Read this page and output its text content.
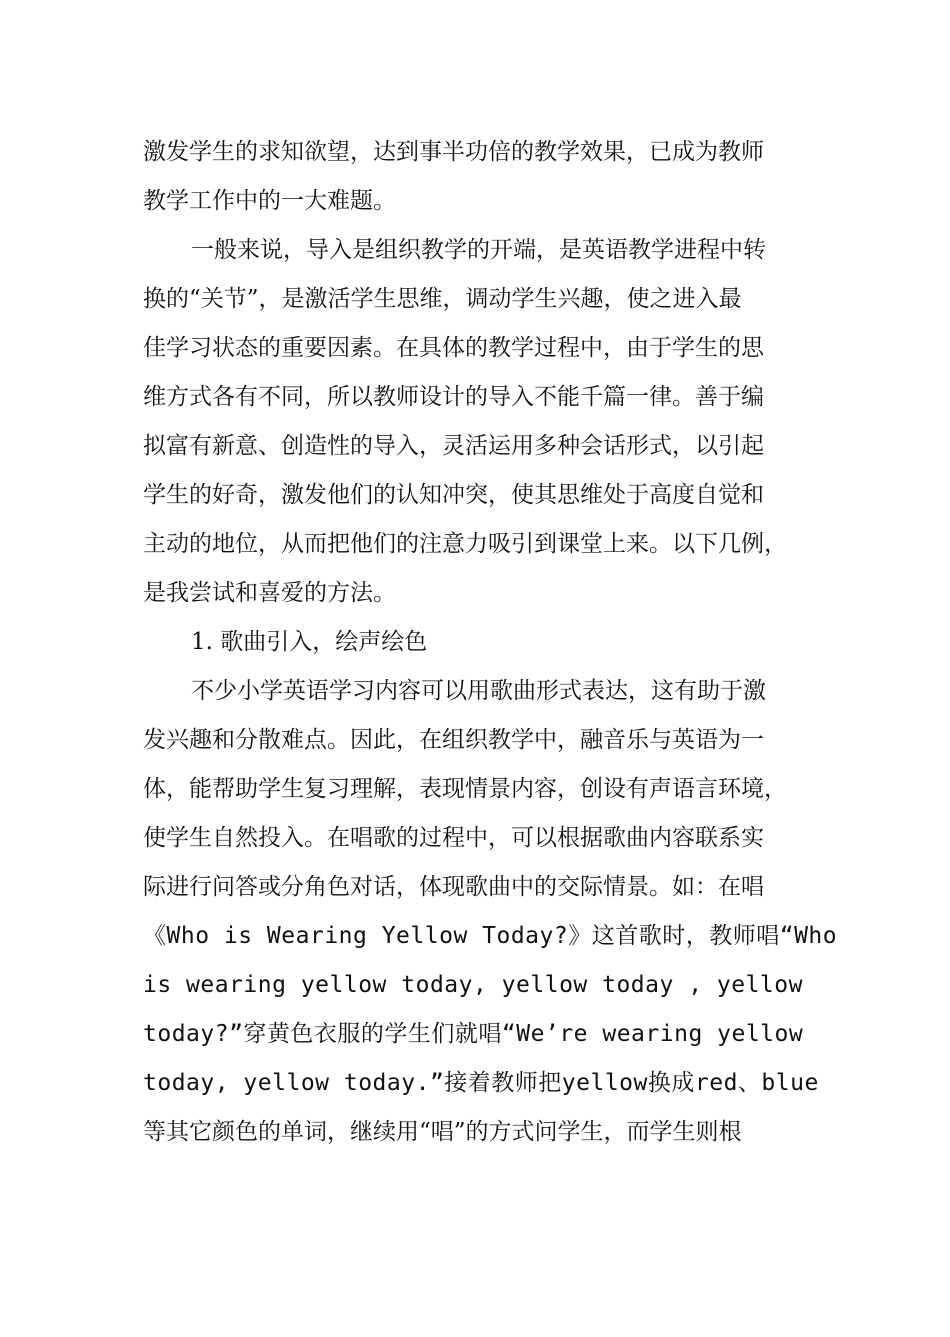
激发学生的求知欲望，达到事半功倍的教学效果，已成为教师
教学工作中的一大难题。
一般来说，导入是组织教学的开端，是英语教学进程中转
换的“关节”，是激活学生思维，调动学生兴趣，使之进入最
佳学习状态的重要因素。在具体的教学过程中，由于学生的思
维方式各有不同，所以教师设计的导入不能千篇一律。善于编
拟富有新意、创造性的导入，灵活运用多种会话形式，以引起
学生的好奇，激发他们的认知冲突，使其思维处于高度自觉和
主动的地位，从而把他们的注意力吸引到课堂上来。以下几例，
是我尝试和喜爱的方法。
1. 歌曲引入，绘声绘色
不少小学英语学习内容可以用歌曲形式表达，这有助于激
发兴趣和分散难点。因此，在组织教学中，融音乐与英语为一
体，能帮助学生复习理解，表现情景内容，创设有声语言环境，
使学生自然投入。在唱歌的过程中，可以根据歌曲内容联系实
际进行问答或分角色对话，体现歌曲中的交际情景。如：在唱
《Who is Wearing Yellow Today?》这首歌时，教师唱“Who
is wearing yellow today, yellow today , yellow
today?”穿黄色衣服的学生们就唱“We’re wearing yellow
today, yellow today.”接着教师把yellow换成red、blue
等其它颜色的单词，继续用“唱”的方式问学生，而学生则根
